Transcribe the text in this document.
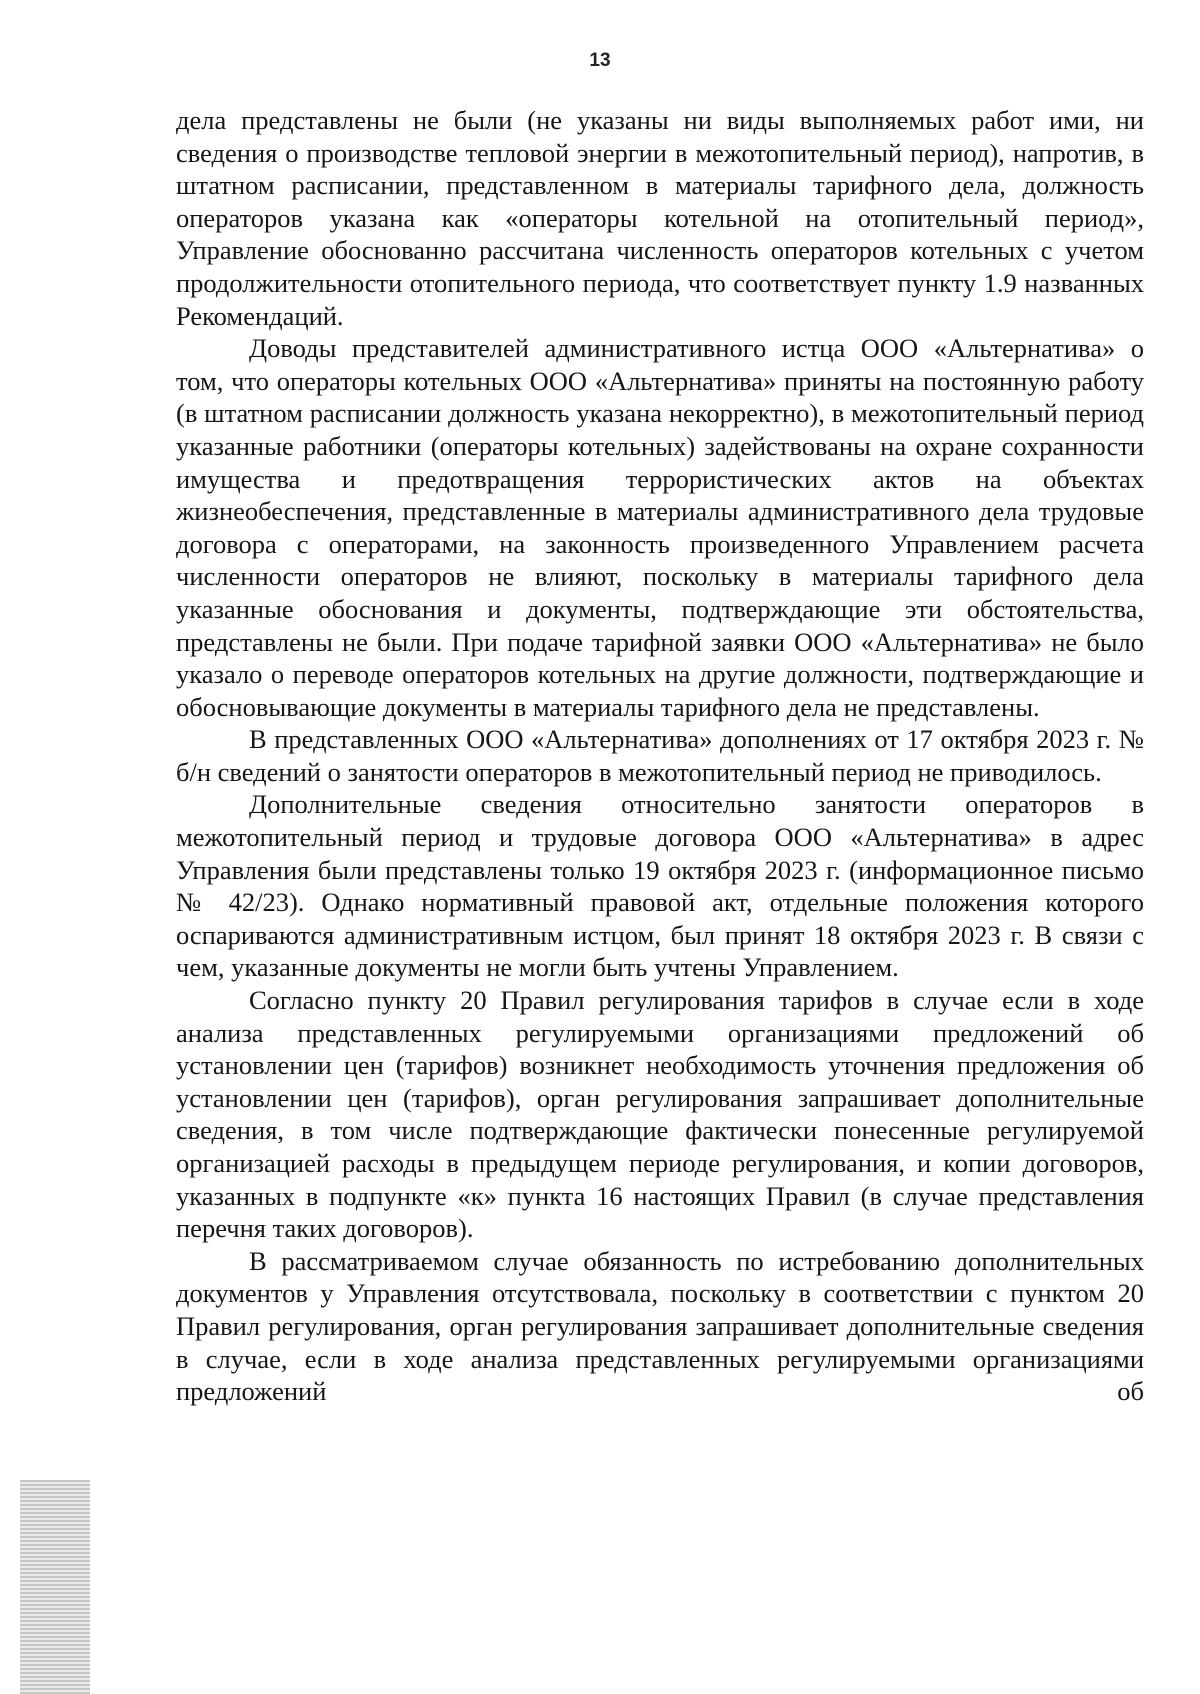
13

дела представлены не были (не указаны ни виды выполняемых работ ими, ни сведения о производстве тепловой энергии в межотопительный период), напротив, в штатном расписании, представленном в материалы тарифного дела, должность операторов указана как «операторы котельной на отопительный период», Управление обоснованно рассчитана численность операторов котельных с учетом продолжительности отопительного периода, что соответствует пункту 1.9 названных Рекомендаций.

Доводы представителей административного истца ООО «Альтернатива» о том, что операторы котельных ООО «Альтернатива» приняты на постоянную работу (в штатном расписании должность указана некорректно), в межотопительный период указанные работники (операторы котельных) задействованы на охране сохранности имущества и предотвращения террористических актов на объектах жизнеобеспечения, представленные в материалы административного дела трудовые договора с операторами, на законность произведенного Управлением расчета численности операторов не влияют, поскольку в материалы тарифного дела указанные обоснования и документы, подтверждающие эти обстоятельства, представлены не были. При подаче тарифной заявки ООО «Альтернатива» не было указало о переводе операторов котельных на другие должности, подтверждающие и обосновывающие документы в материалы тарифного дела не представлены.

В представленных ООО «Альтернатива» дополнениях от 17 октября 2023 г. № б/н сведений о занятости операторов в межотопительный период не приводилось.

Дополнительные сведения относительно занятости операторов в межотопительный период и трудовые договора ООО «Альтернатива» в адрес Управления были представлены только 19 октября 2023 г. (информационное письмо № 42/23). Однако нормативный правовой акт, отдельные положения которого оспариваются административным истцом, был принят 18 октября 2023 г. В связи с чем, указанные документы не могли быть учтены Управлением.

Согласно пункту 20 Правил регулирования тарифов в случае если в ходе анализа представленных регулируемыми организациями предложений об установлении цен (тарифов) возникнет необходимость уточнения предложения об установлении цен (тарифов), орган регулирования запрашивает дополнительные сведения, в том числе подтверждающие фактически понесенные регулируемой организацией расходы в предыдущем периоде регулирования, и копии договоров, указанных в подпункте «к» пункта 16 настоящих Правил (в случае представления перечня таких договоров).

В рассматриваемом случае обязанность по истребованию дополнительных документов у Управления отсутствовала, поскольку в соответствии с пунктом 20 Правил регулирования, орган регулирования запрашивает дополнительные сведения в случае, если в ходе анализа представленных регулируемыми организациями предложений об
